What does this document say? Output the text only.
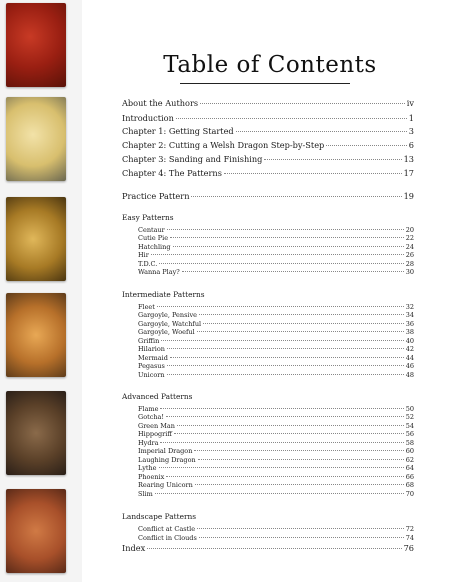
Table of Contents
About the Authors	iv
Introduction	1
Chapter 1: Getting Started	3
Chapter 2: Cutting a Welsh Dragon Step-by-Step	6
Chapter 3: Sanding and Finishing	13
Chapter 4: The Patterns	17
Practice Pattern	19
Easy Patterns
Centaur	20
Cutie Pie	22
Hatchling	24
Hir	26
T.D.C.	28
Wanna Play?	30
Intermediate Patterns
Fleet	32
Gargoyle, Pensive	34
Gargoyle, Watchful	36
Gargoyle, Woeful	38
Griffin	40
Hilarion	42
Mermaid	44
Pegasus	46
Unicorn	48
Advanced Patterns
Flame	50
Gotcha!	52
Green Man	54
Hippogriff	56
Hydra	58
Imperial Dragon	60
Laughing Dragon	62
Lythe	64
Phoenix	66
Rearing Unicorn	68
Slim	70
Landscape Patterns
Conflict at Castle	72
Conflict in Clouds	74
Index	76
